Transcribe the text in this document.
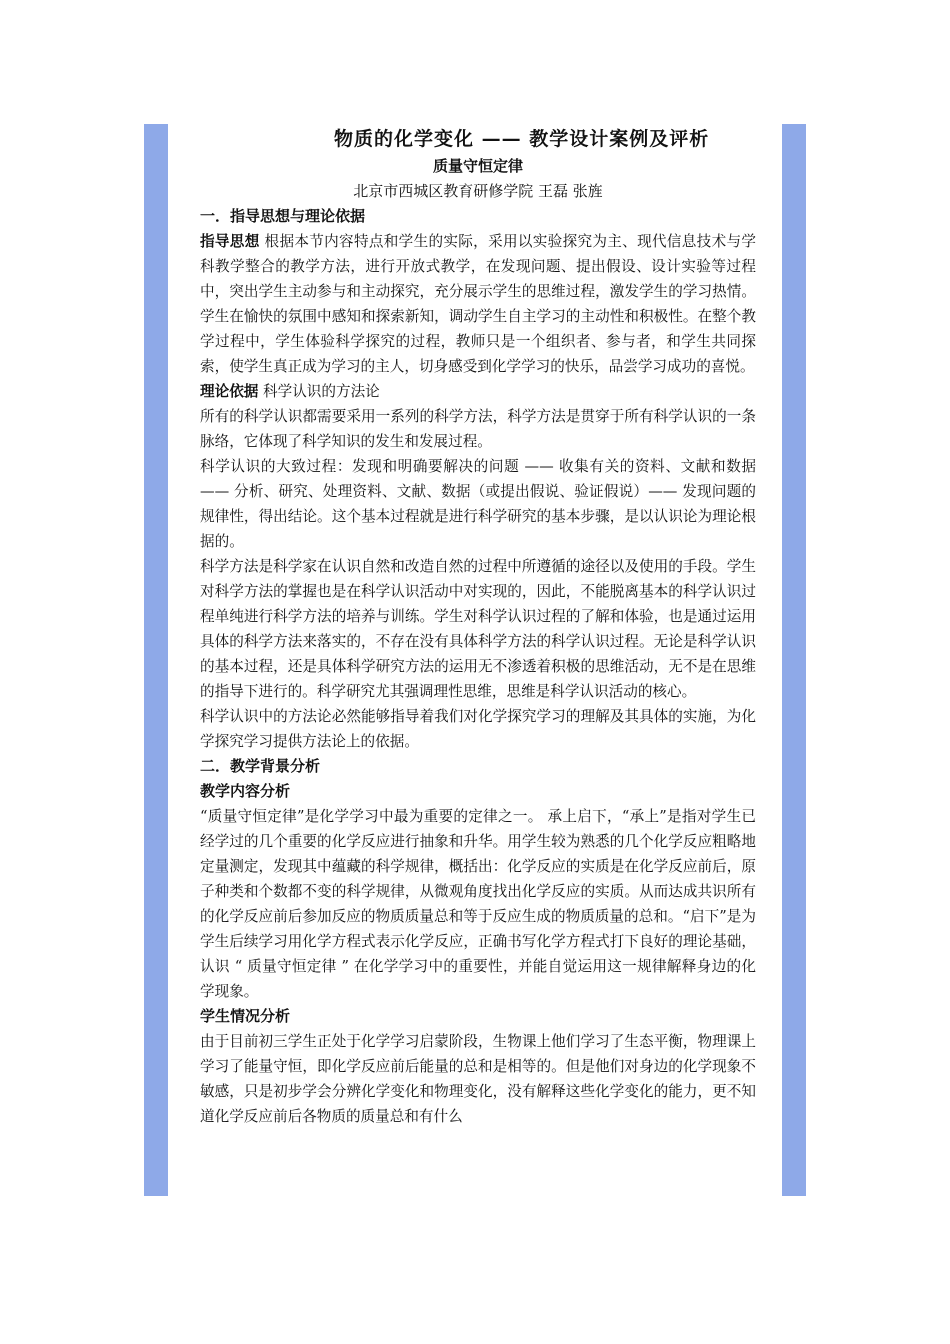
物质的化学变化 —— 教学设计案例及评析
质量守恒定律
北京市西城区教育研修学院 王磊 张旌
一．指导思想与理论依据

指导思想 根据本节内容特点和学生的实际，采用以实验探究为主、现代信息技术与学科教学整合的教学方法，进行开放式教学，在发现问题、提出假设、设计实验等过程中，突出学生主动参与和主动探究，充分展示学生的思维过程，激发学生的学习热情。学生在愉快的氛围中感知和探索新知，调动学生自主学习的主动性和积极性。在整个教学过程中，学生体验科学探究的过程，教师只是一个组织者、参与者，和学生共同探索，使学生真正成为学习的主人，切身感受到化学学习的快乐，品尝学习成功的喜悦。

理论依据 科学认识的方法论

所有的科学认识都需要采用一系列的科学方法，科学方法是贯穿于所有科学认识的一条脉络，它体现了科学知识的发生和发展过程。

科学认识的大致过程：发现和明确要解决的问题 —— 收集有关的资料、文献和数据 —— 分析、研究、处理资料、文献、数据（或提出假说、验证假说）—— 发现问题的规律性，得出结论。这个基本过程就是进行科学研究的基本步骤，是以认识论为理论根据的。

科学方法是科学家在认识自然和改造自然的过程中所遵循的途径以及使用的手段。学生对科学方法的掌握也是在科学认识活动中对实现的，因此，不能脱离基本的科学认识过程单纯进行科学方法的培养与训练。学生对科学认识过程的了解和体验，也是通过运用具体的科学方法来落实的，不存在没有具体科学方法的科学认识过程。无论是科学认识的基本过程，还是具体科学研究方法的运用无不渗透着积极的思维活动，无不是在思维的指导下进行的。科学研究尤其强调理性思维，思维是科学认识活动的核心。

科学认识中的方法论必然能够指导着我们对化学探究学习的理解及其具体的实施，为化学探究学习提供方法论上的依据。

二．教学背景分析
教学内容分析

“质量守恒定律”是化学学习中最为重要的定律之一。 承上启下，“承上”是指对学生已经学过的几个重要的化学反应进行抽象和升华。用学生较为熟悉的几个化学反应粗略地定量测定，发现其中蕴藏的科学规律，概括出：化学反应的实质是在化学反应前后，原子种类和个数都不变的科学规律，从微观角度找出化学反应的实质。从而达成共识所有的化学反应前后参加反应的物质质量总和等于反应生成的物质质量的总和。“启下”是为学生后续学习用化学方程式表示化学反应，正确书写化学方程式打下良好的理论基础，认识 “ 质量守恒定律 ” 在化学学习中的重要性，并能自觉运用这一规律解释身边的化学现象。

学生情况分析

由于目前初三学生正处于化学学习启蒙阶段，生物课上他们学习了生态平衡，物理课上学习了能量守恒，即化学反应前后能量的总和是相等的。但是他们对身边的化学现象不敏感，只是初步学会分辨化学变化和物理变化，没有解释这些化学变化的能力，更不知道化学反应前后各物质的质量总和有什么
